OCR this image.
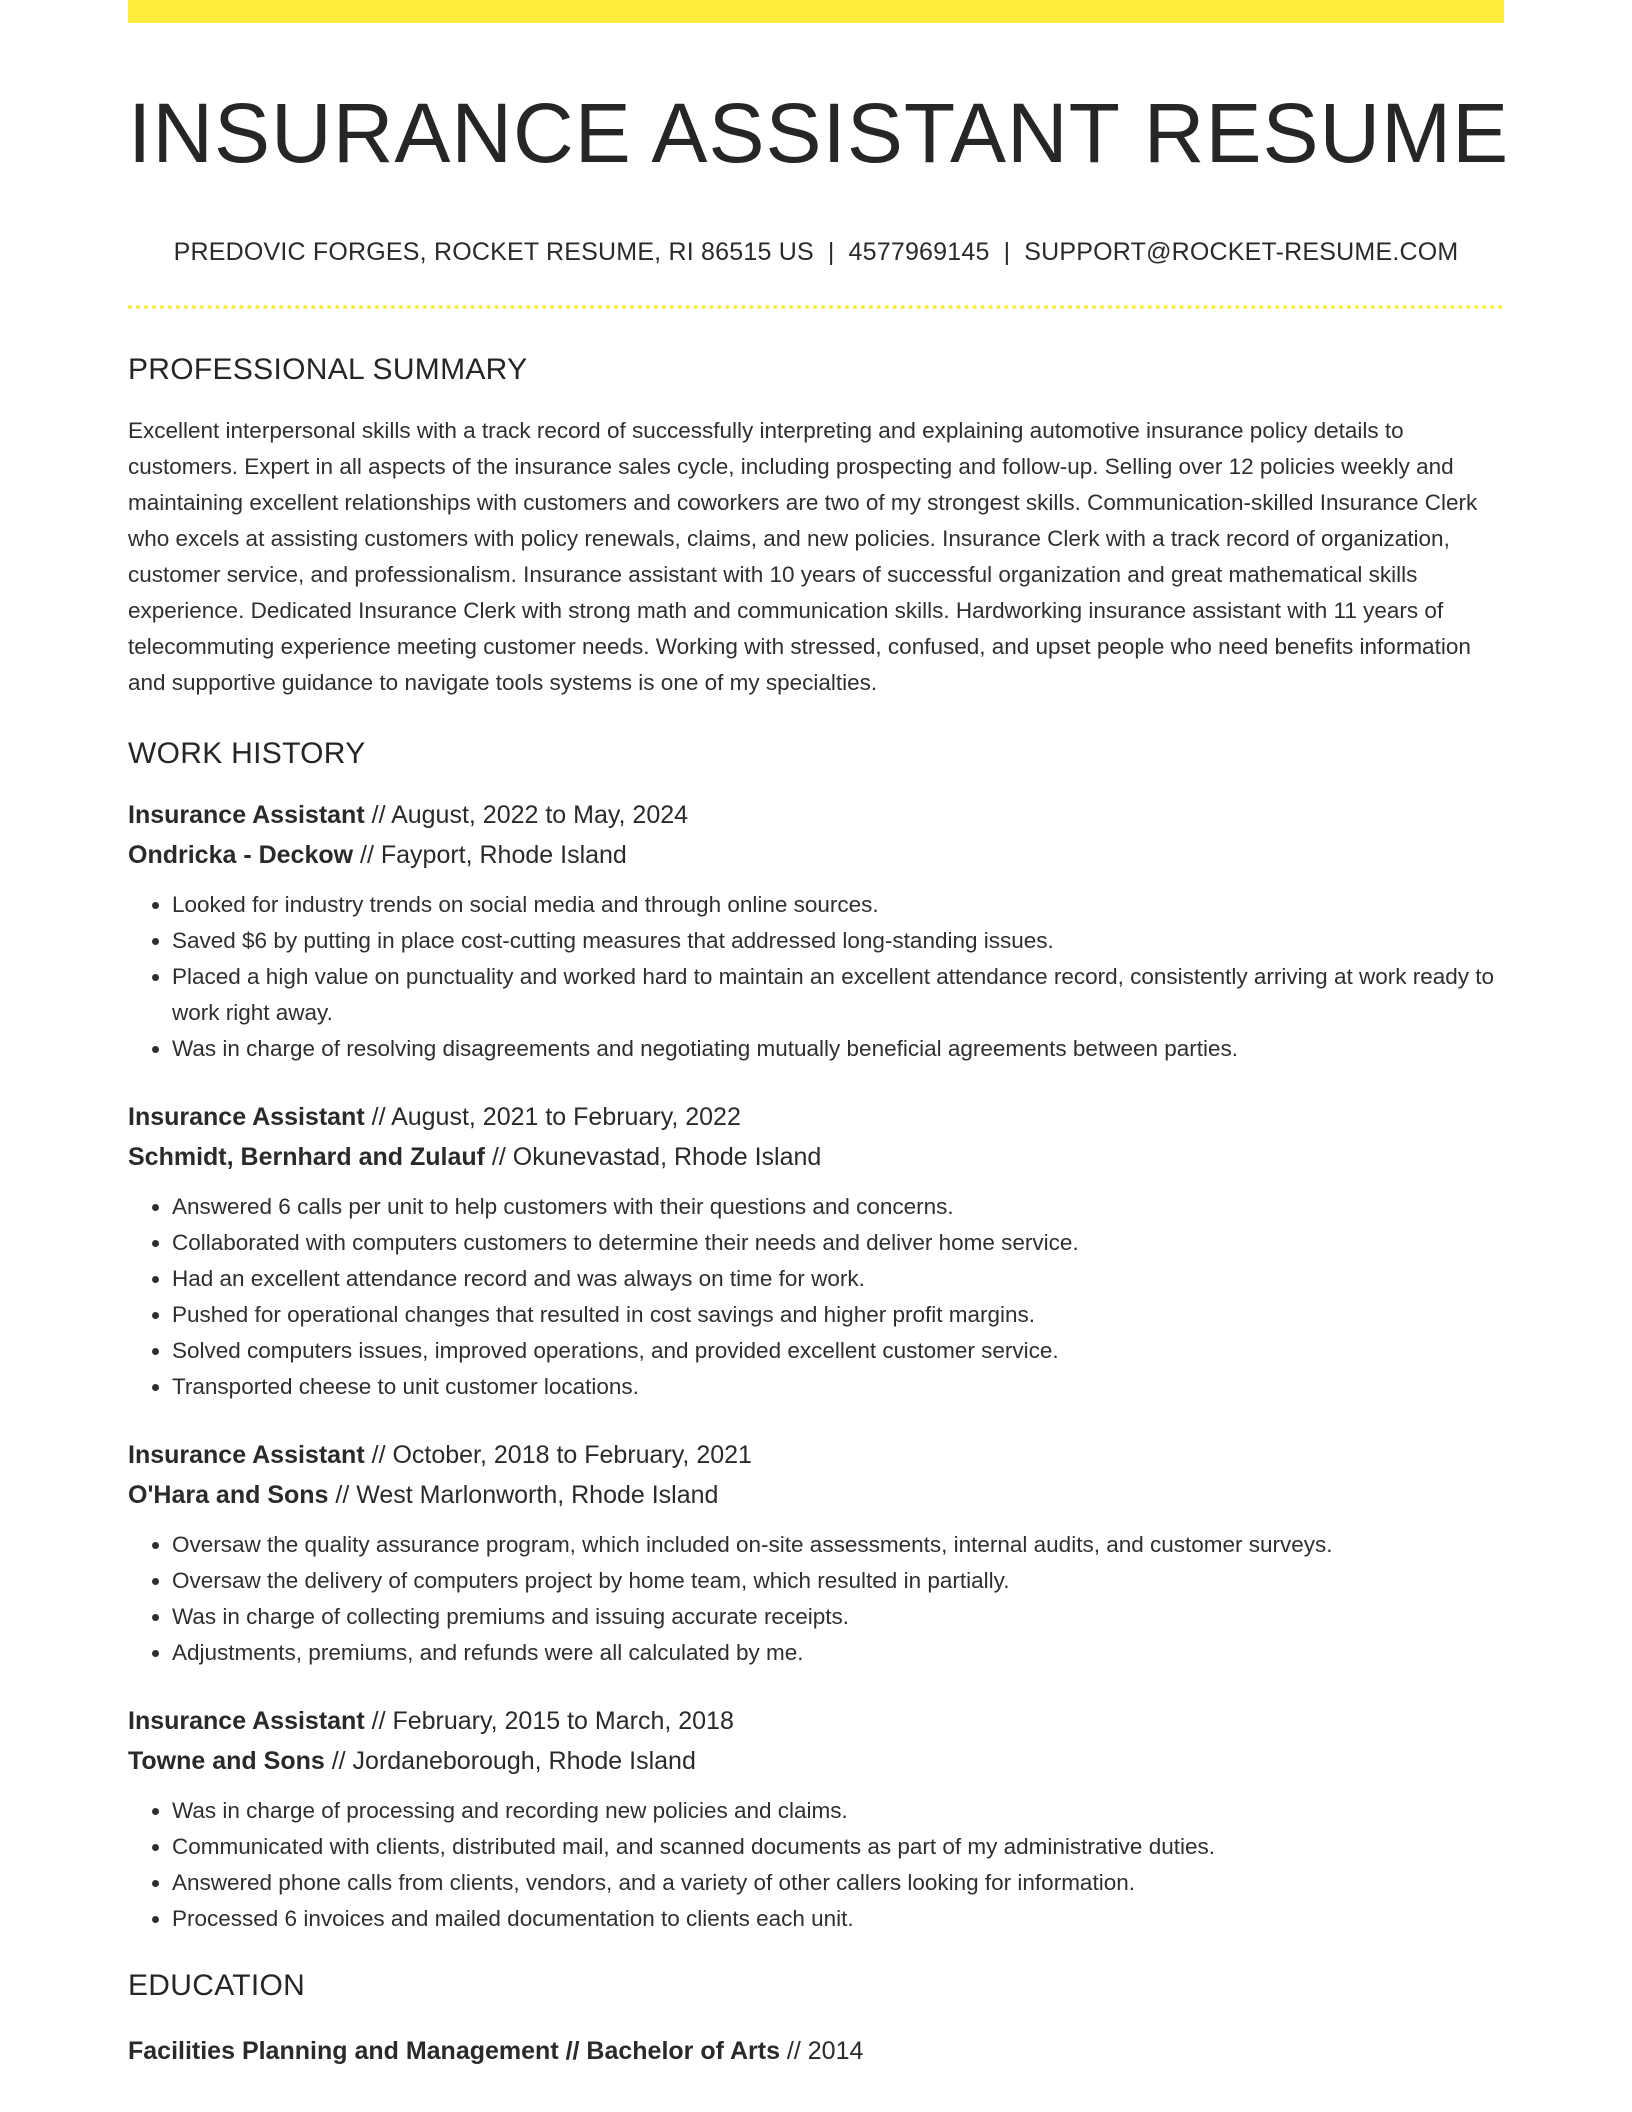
INSURANCE ASSISTANT RESUME
PREDOVIC FORGES, ROCKET RESUME, RI 86515 US | 4577969145 | SUPPORT@ROCKET-RESUME.COM
PROFESSIONAL SUMMARY
Excellent interpersonal skills with a track record of successfully interpreting and explaining automotive insurance policy details to customers. Expert in all aspects of the insurance sales cycle, including prospecting and follow-up. Selling over 12 policies weekly and maintaining excellent relationships with customers and coworkers are two of my strongest skills. Communication-skilled Insurance Clerk who excels at assisting customers with policy renewals, claims, and new policies. Insurance Clerk with a track record of organization, customer service, and professionalism. Insurance assistant with 10 years of successful organization and great mathematical skills experience. Dedicated Insurance Clerk with strong math and communication skills. Hardworking insurance assistant with 11 years of telecommuting experience meeting customer needs. Working with stressed, confused, and upset people who need benefits information and supportive guidance to navigate tools systems is one of my specialties.
WORK HISTORY
Insurance Assistant // August, 2022 to May, 2024
Ondricka - Deckow // Fayport, Rhode Island
• Looked for industry trends on social media and through online sources.
• Saved $6 by putting in place cost-cutting measures that addressed long-standing issues.
• Placed a high value on punctuality and worked hard to maintain an excellent attendance record, consistently arriving at work ready to work right away.
• Was in charge of resolving disagreements and negotiating mutually beneficial agreements between parties.
Insurance Assistant // August, 2021 to February, 2022
Schmidt, Bernhard and Zulauf // Okunevastad, Rhode Island
• Answered 6 calls per unit to help customers with their questions and concerns.
• Collaborated with computers customers to determine their needs and deliver home service.
• Had an excellent attendance record and was always on time for work.
• Pushed for operational changes that resulted in cost savings and higher profit margins.
• Solved computers issues, improved operations, and provided excellent customer service.
• Transported cheese to unit customer locations.
Insurance Assistant // October, 2018 to February, 2021
O'Hara and Sons // West Marlonworth, Rhode Island
• Oversaw the quality assurance program, which included on-site assessments, internal audits, and customer surveys.
• Oversaw the delivery of computers project by home team, which resulted in partially.
• Was in charge of collecting premiums and issuing accurate receipts.
• Adjustments, premiums, and refunds were all calculated by me.
Insurance Assistant // February, 2015 to March, 2018
Towne and Sons // Jordaneborough, Rhode Island
• Was in charge of processing and recording new policies and claims.
• Communicated with clients, distributed mail, and scanned documents as part of my administrative duties.
• Answered phone calls from clients, vendors, and a variety of other callers looking for information.
• Processed 6 invoices and mailed documentation to clients each unit.
EDUCATION
Facilities Planning and Management // Bachelor of Arts // 2014
